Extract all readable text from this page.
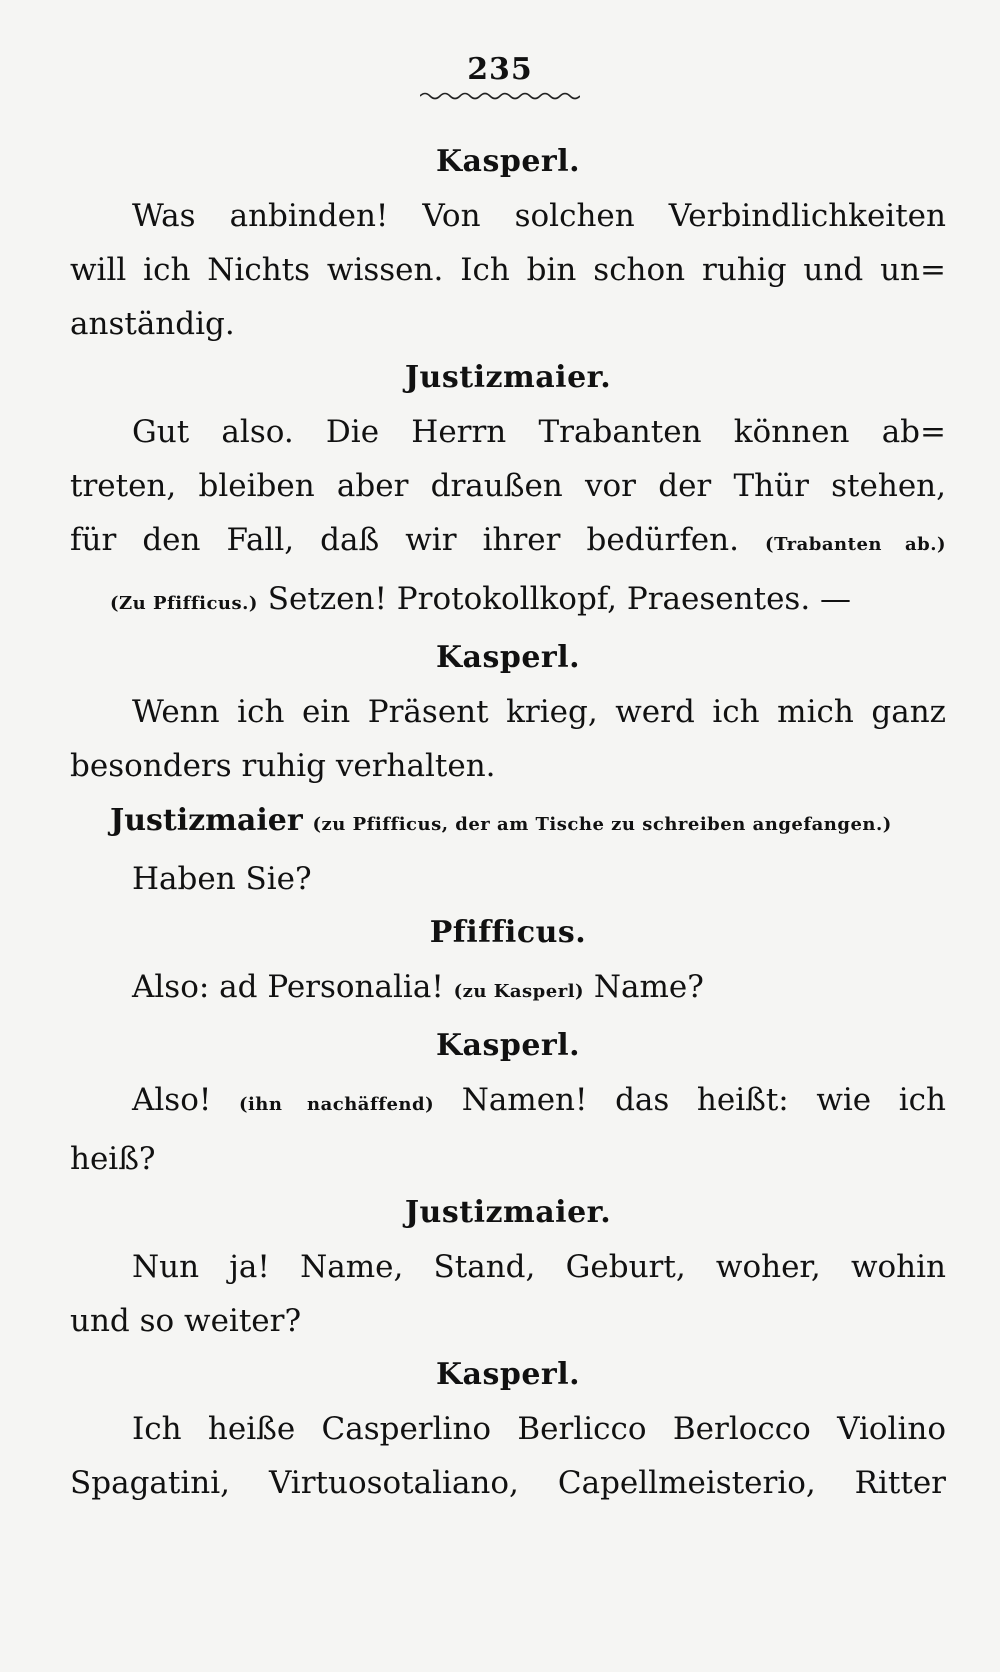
235
Kasperl.
Was anbinden! Von solchen Verbindlichkeiten
will ich Nichts wissen. Ich bin schon ruhig und un=
anständig.
Justizmaier.
Gut also. Die Herrn Trabanten können ab=
treten, bleiben aber draußen vor der Thür stehen,
für den Fall, daß wir ihrer bedürfen. (Trabanten ab.)
(Zu Pfifficus.) Setzen! Protokollkopf, Praesentes. —
Kasperl.
Wenn ich ein Präsent krieg, werd ich mich ganz
besonders ruhig verhalten.
Justizmaier (zu Pfifficus, der am Tische zu schreiben angefangen.)
Haben Sie?
Pfifficus.
Also: ad Personalia! (zu Kasperl) Name?
Kasperl.
Also! (ihn nachäffend) Namen! das heißt: wie ich
heiß?
Justizmaier.
Nun ja! Name, Stand, Geburt, woher, wohin
und so weiter?
Kasperl.
Ich heiße Casperlino Berlicco Berlocco Violino
Spagatini, Virtuosotaliano, Capellmeisterio, Ritter
